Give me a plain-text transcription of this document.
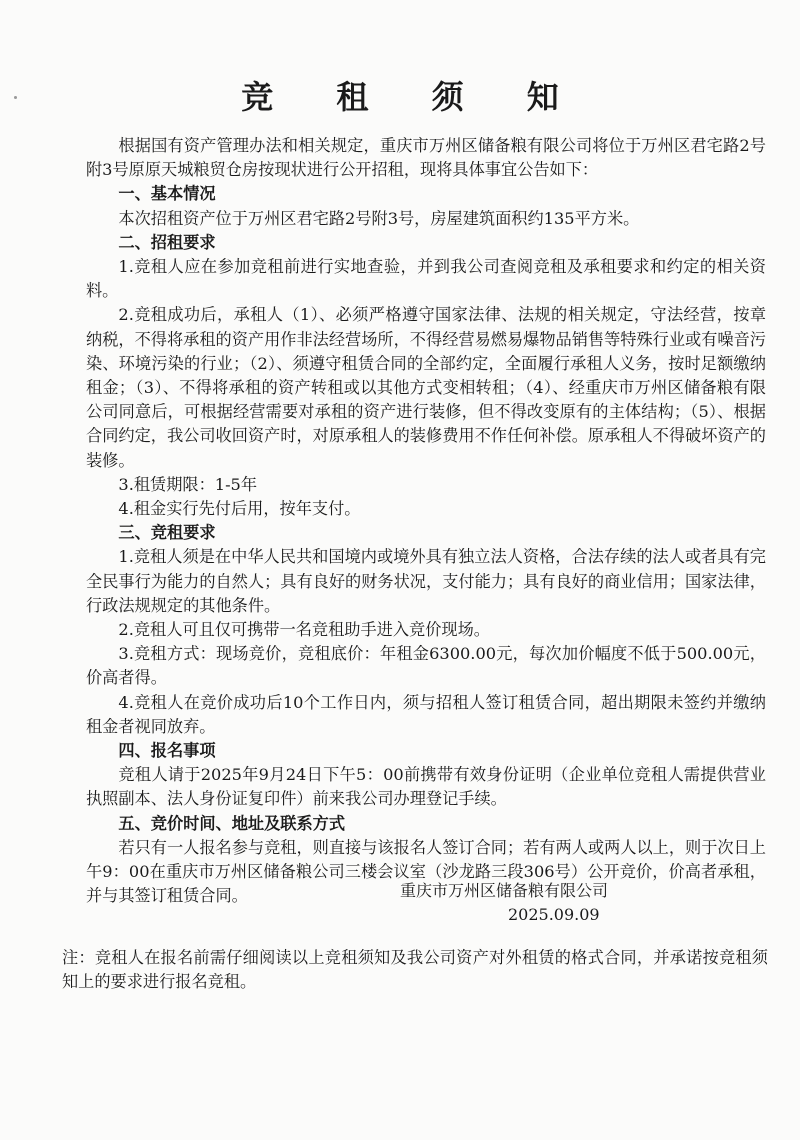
竞 租 须 知

根据国有资产管理办法和相关规定，重庆市万州区储备粮有限公司将位于万州区君宅路2号附3号原原天城粮贸仓房按现状进行公开招租，现将具体事宜公告如下：

一、基本情况

本次招租资产位于万州区君宅路2号附3号，房屋建筑面积约135平方米。

二、招租要求

1.竞租人应在参加竞租前进行实地查验，并到我公司查阅竞租及承租要求和约定的相关资料。

2.竞租成功后，承租人（1）、必须严格遵守国家法律、法规的相关规定，守法经营，按章纳税，不得将承租的资产用作非法经营场所，不得经营易燃易爆物品销售等特殊行业或有噪音污染、环境污染的行业；（2）、须遵守租赁合同的全部约定，全面履行承租人义务，按时足额缴纳租金；（3）、不得将承租的资产转租或以其他方式变相转租；（4）、经重庆市万州区储备粮有限公司同意后，可根据经营需要对承租的资产进行装修，但不得改变原有的主体结构；（5）、根据合同约定，我公司收回资产时，对原承租人的装修费用不作任何补偿。原承租人不得破坏资产的装修。

3.租赁期限：1-5年

4.租金实行先付后用，按年支付。

三、竞租要求

1.竞租人须是在中华人民共和国境内或境外具有独立法人资格，合法存续的法人或者具有完全民事行为能力的自然人；具有良好的财务状况，支付能力；具有良好的商业信用；国家法律，行政法规规定的其他条件。

2.竞租人可且仅可携带一名竞租助手进入竞价现场。

3.竞租方式：现场竞价，竞租底价：年租金6300.00元，每次加价幅度不低于500.00元，价高者得。

4.竞租人在竞价成功后10个工作日内，须与招租人签订租赁合同，超出期限未签约并缴纳租金者视同放弃。

四、报名事项

竞租人请于2025年9月24日下午5：00前携带有效身份证明（企业单位竞租人需提供营业执照副本、法人身份证复印件）前来我公司办理登记手续。

五、竞价时间、地址及联系方式

若只有一人报名参与竞租，则直接与该报名人签订合同；若有两人或两人以上，则于次日上午9：00在重庆市万州区储备粮公司三楼会议室（沙龙路三段306号）公开竞价，价高者承租，并与其签订租赁合同。	重庆市万州区储备粮有限公司
2025.09.09

注：竞租人在报名前需仔细阅读以上竞租须知及我公司资产对外租赁的格式合同，并承诺按竞租须知上的要求进行报名竞租。
